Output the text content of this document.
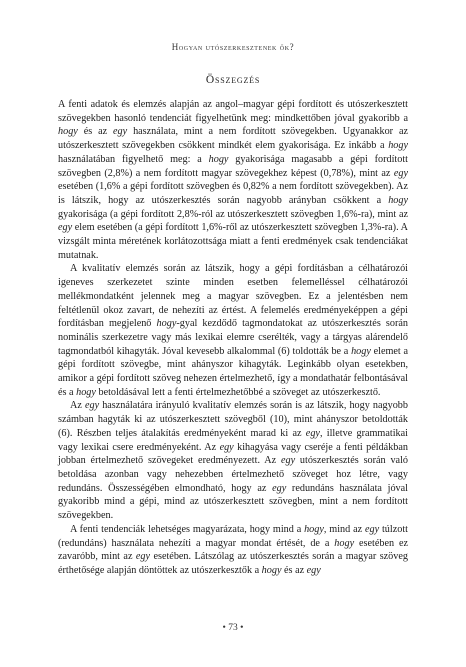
Hogyan utószerkesztenek ők?
Összegzés

A fenti adatok és elemzés alapján az angol–magyar gépi fordított és utószerkesztett szövegekben hasonló tendenciát figyelhetünk meg: mindkettőben jóval gyakoribb a hogy és az egy használata, mint a nem fordított szövegekben. Ugyanakkor az utószerkesztett szövegekben csökkent mindkét elem gyakorisága. Ez inkább a hogy használatában figyelhető meg: a hogy gyakorisága magasabb a gépi fordított szövegben (2,8%) a nem fordított magyar szövegekhez képest (0,78%), mint az egy esetében (1,6% a gépi fordított szövegben és 0,82% a nem fordított szövegekben). Az is látszik, hogy az utószerkesztés során nagyobb arányban csökkent a hogy gyakorisága (a gépi fordított 2,8%-ról az utószerkesztett szövegben 1,6%-ra), mint az egy elem esetében (a gépi fordított 1,6%-ről az utószerkesztett szövegben 1,3%-ra). A vizsgált minta méretének korlátozottsága miatt a fenti eredmények csak tendenciákat mutatnak.

A kvalitatív elemzés során az látszik, hogy a gépi fordításban a célhatározói igeneves szerkezetet szinte minden esetben felemelléssel célhatározói mellékmondatként jelennek meg a magyar szövegben. Ez a jelentésben nem feltétlenül okoz zavart, de nehezíti az értést. A felemelés eredményeképpen a gépi fordításban megjelenő hogy-gyal kezdődő tagmondatokat az utószerkesztés során nominális szerkezetre vagy más lexikai elemre cserélték, vagy a tárgyas alárendelő tagmondatból kihagyták. Jóval kevesebb alkalommal (6) toldották be a hogy elemet a gépi fordított szövegbe, mint ahányszor kihagyták. Leginkább olyan esetekben, amikor a gépi fordított szöveg nehezen értelmezhető, így a mondathatár felbontásával és a hogy betoldásával lett a fenti értelmezhetőbbé a szöveget az utószerkesztő.

Az egy használatára irányuló kvalitatív elemzés során is az látszik, hogy nagyobb számban hagyták ki az utószerkesztett szövegből (10), mint ahányszor betoldották (6). Részben teljes átalakítás eredményeként marad ki az egy, illetve grammatikai vagy lexikai csere eredményeként. Az egy kihagyása vagy cseréje a fenti példákban jobban értelmezhető szövegeket eredményezett. Az egy utószerkesztés során való betoldása azonban vagy nehezebben értelmezhető szöveget hoz létre, vagy redundáns. Összességében elmondható, hogy az egy redundáns használata jóval gyakoribb mind a gépi, mind az utószerkesztett szövegben, mint a nem fordított szövegekben.

A fenti tendenciák lehetséges magyarázata, hogy mind a hogy, mind az egy túlzott (redundáns) használata nehezíti a magyar mondat értését, de a hogy esetében ez zavaróbb, mint az egy esetében. Látszólag az utószerkesztés során a magyar szöveg érthetősége alapján döntöttek az utószerkesztők a hogy és az egy

• 73 •
